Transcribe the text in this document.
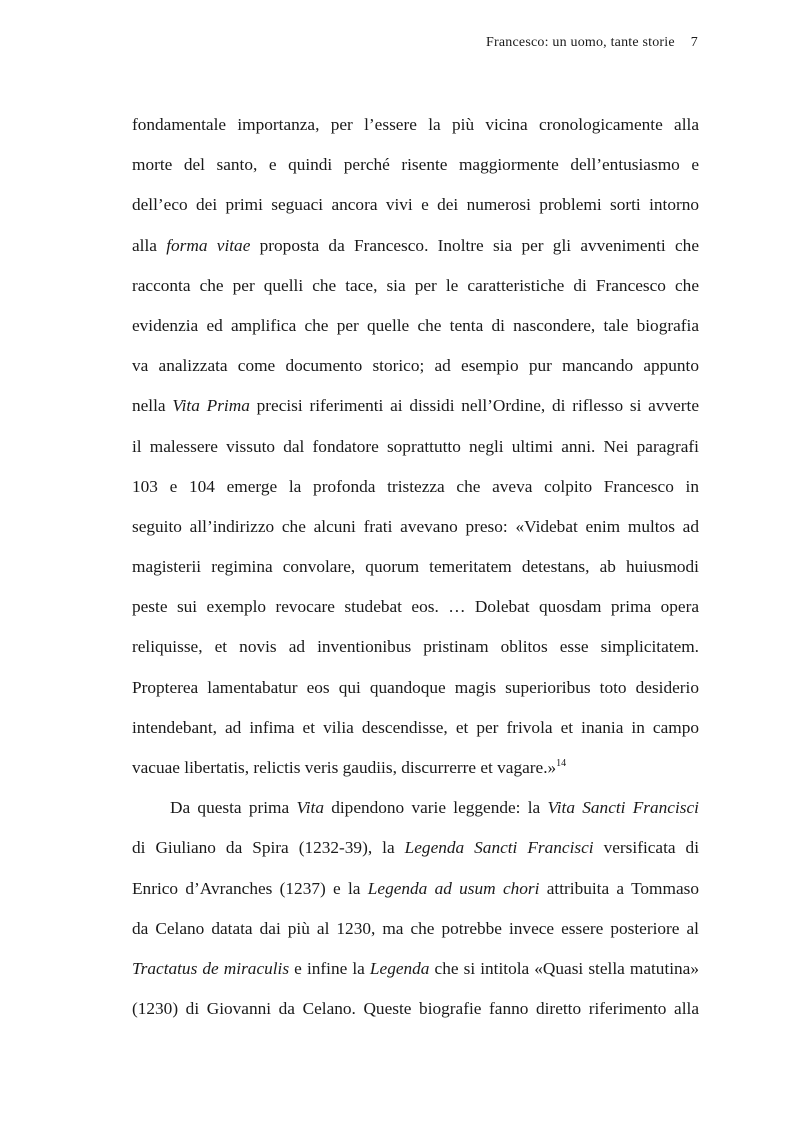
Francesco: un uomo, tante storie 7
fondamentale importanza, per l’essere la più vicina cronologicamente alla
morte del santo, e quindi perché risente maggiormente dell’entusiasmo e
dell’eco dei primi seguaci ancora vivi e dei numerosi problemi sorti intorno
alla forma vitae proposta da Francesco. Inoltre sia per gli avvenimenti che
racconta che per quelli che tace, sia per le caratteristiche di Francesco che
evidenzia ed amplifica che per quelle che tenta di nascondere, tale biografia
va analizzata come documento storico; ad esempio pur mancando appunto
nella Vita Prima precisi riferimenti ai dissidi nell’Ordine, di riflesso si avverte
il malessere vissuto dal fondatore soprattutto negli ultimi anni. Nei paragrafi
103 e 104 emerge la profonda tristezza che aveva colpito Francesco in
seguito all’indirizzo che alcuni frati avevano preso: «Videbat enim multos ad
magisterii regimina convolare, quorum temeritatem detestans, ab huiusmodi
peste sui exemplo revocare studebat eos. … Dolebat quosdam prima opera
reliquisse, et novis ad inventionibus pristinam oblitos esse simplicitatem.
Propterea lamentabatur eos qui quandoque magis superioribus toto desiderio
intendebant, ad infima et vilia descendisse, et per frivola et inania in campo
vacuae libertatis, relictis veris gaudiis, discurrerre et vagare.»$^{14}$
Da questa prima Vita dipendono varie leggende: la Vita Sancti Francisci
di Giuliano da Spira (1232-39), la Legenda Sancti Francisci versificata di
Enrico d’Avranches (1237) e la Legenda ad usum chori attribuita a Tommaso
da Celano datata dai più al 1230, ma che potrebbe invece essere posteriore al
Tractatus de miraculis e infine la Legenda che si intitola «Quasi stella matutina»
(1230) di Giovanni da Celano. Queste biografie fanno diretto riferimento alla
